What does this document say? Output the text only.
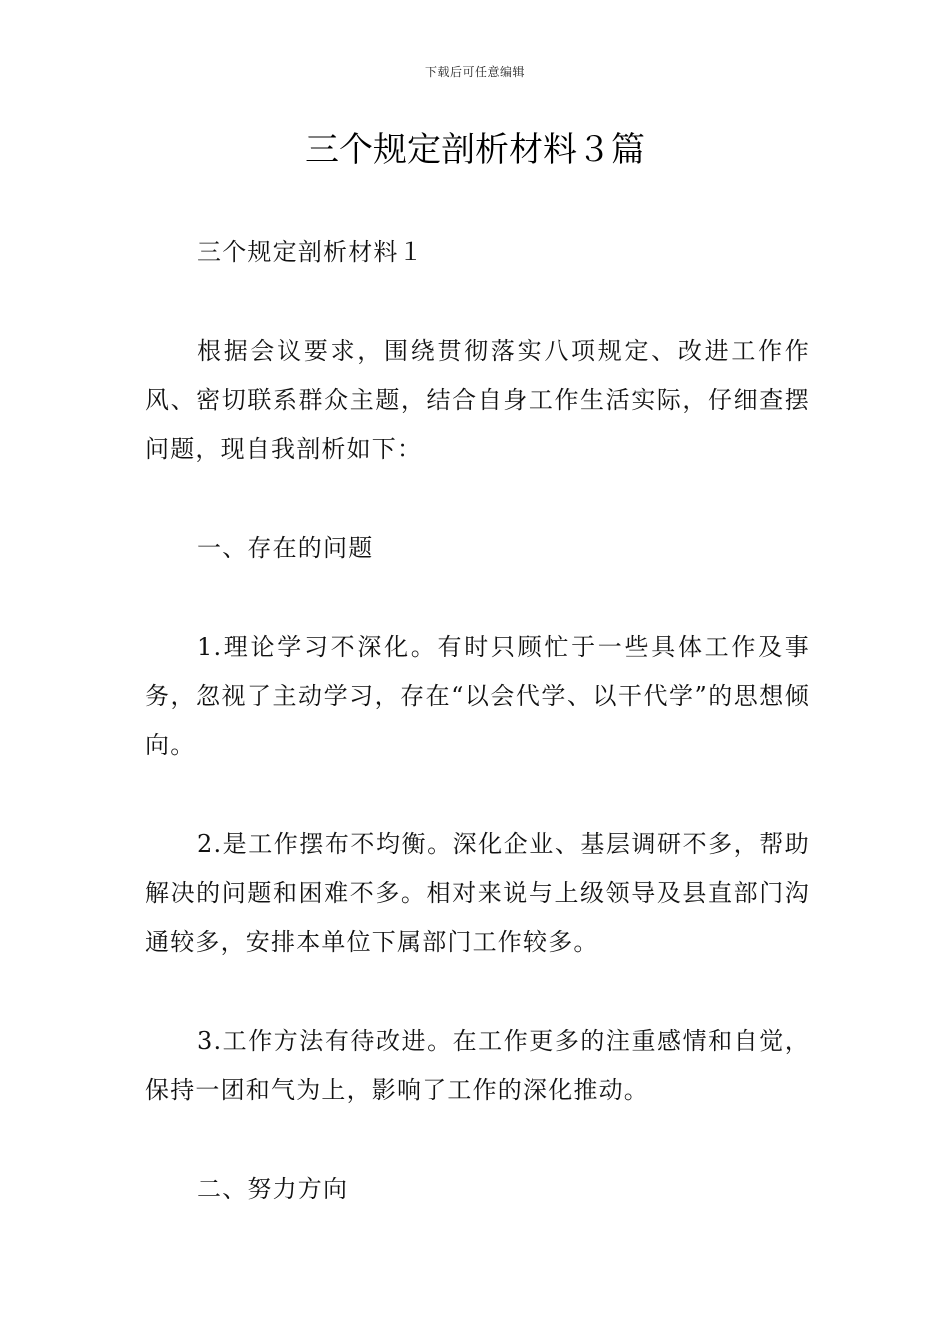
下载后可任意编辑
三个规定剖析材料３篇

三个规定剖析材料１

根据会议要求，围绕贯彻落实八项规定、改进工作作风、密切联系群众主题，结合自身工作生活实际，仔细查摆问题，现自我剖析如下：

一、存在的问题

1.理论学习不深化。有时只顾忙于一些具体工作及事务，忽视了主动学习，存在“以会代学、以干代学”的思想倾向。

2.是工作摆布不均衡。深化企业、基层调研不多，帮助解决的问题和困难不多。相对来说与上级领导及县直部门沟通较多，安排本单位下属部门工作较多。

3.工作方法有待改进。在工作更多的注重感情和自觉，保持一团和气为上，影响了工作的深化推动。

二、努力方向
